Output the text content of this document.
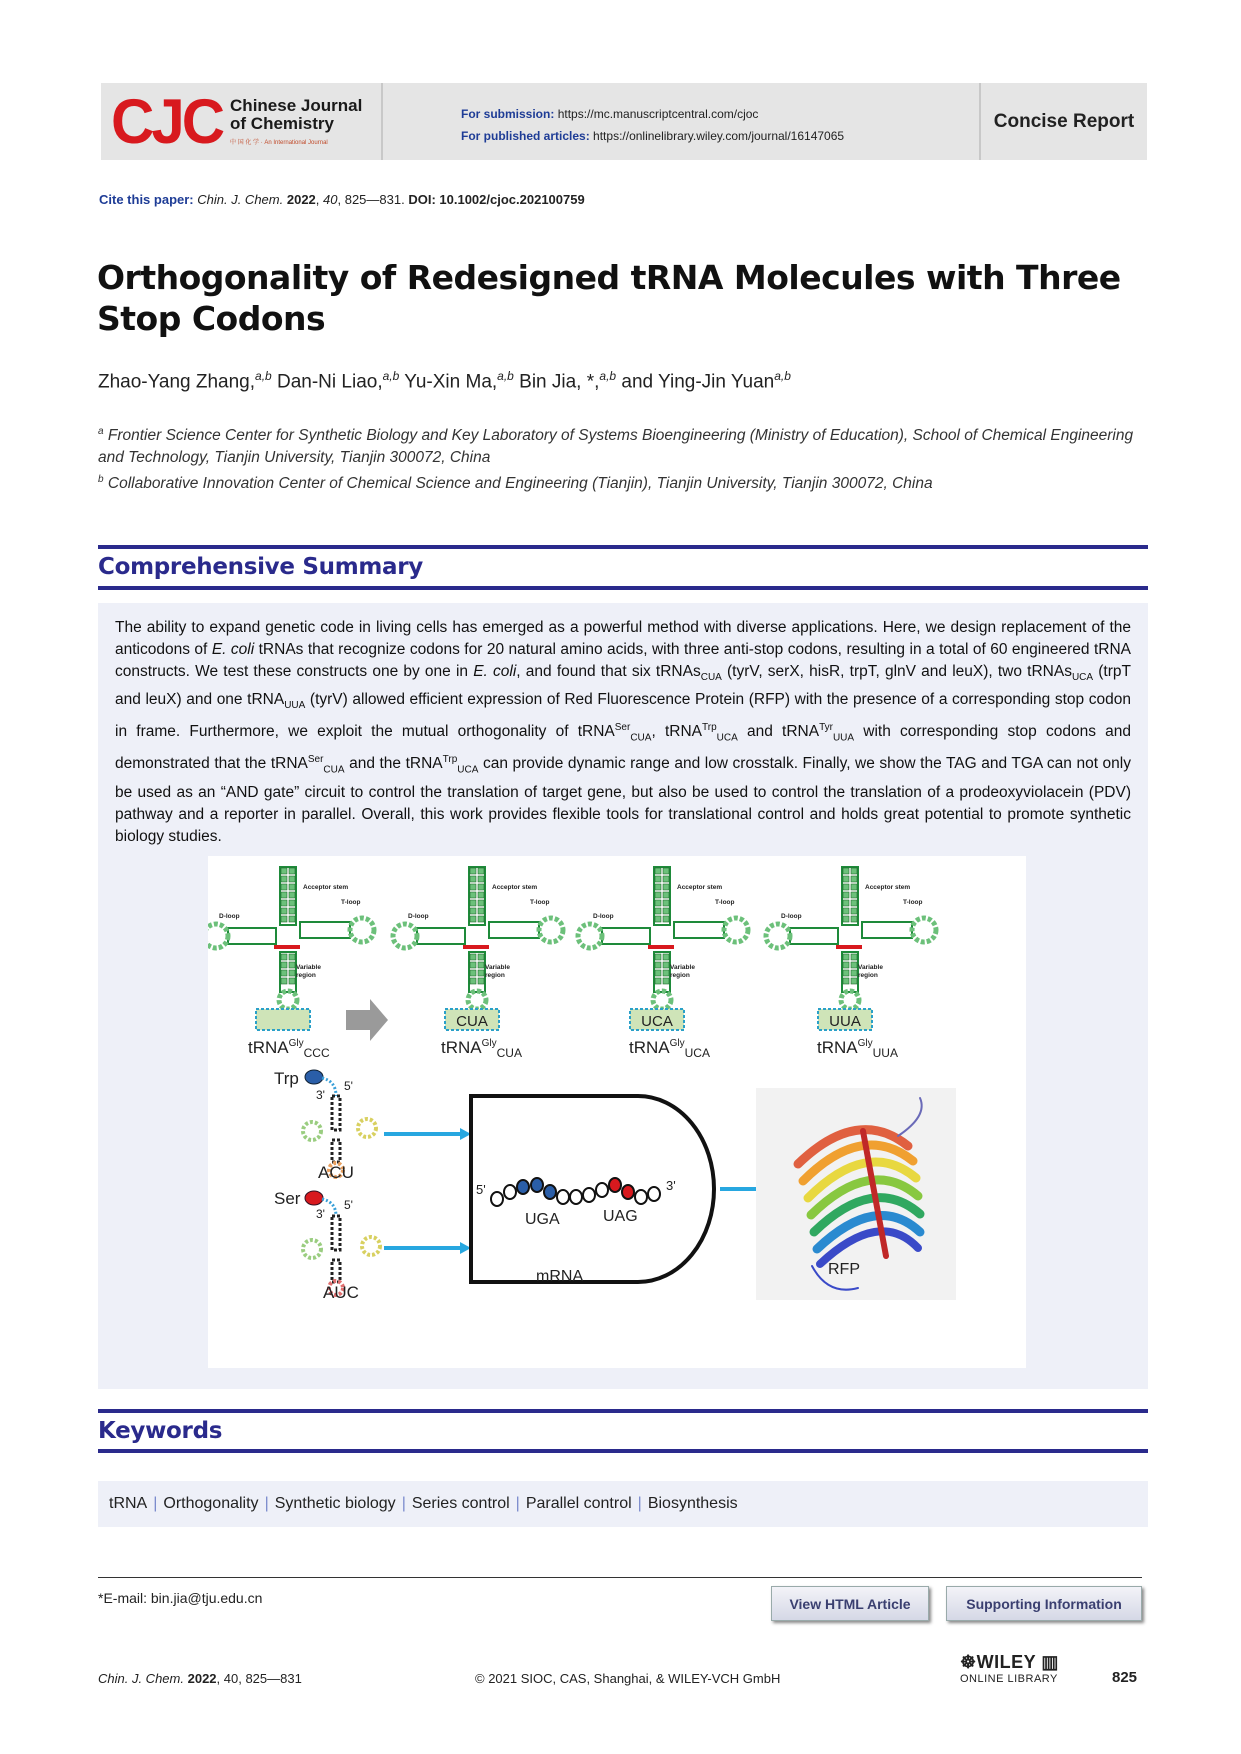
CJC Chinese Journal
of Chemistry
中 国 化 学 · An International Journal
For submission: https://mc.manuscriptcentral.com/cjoc
For published articles: https://onlinelibrary.wiley.com/journal/16147065
Concise Report
Cite this paper: Chin. J. Chem. 2022, 40, 825—831. DOI: 10.1002/cjoc.202100759
Orthogonality of Redesigned tRNA Molecules with Three Stop Codons
Zhao-Yang Zhang,$^{a,b}$ Dan-Ni Liao,$^{a,b}$ Yu-Xin Ma,$^{a,b}$ Bin Jia, *,$^{a,b}$ and Ying-Jin Yuan$^{a,b}$
$^a$ Frontier Science Center for Synthetic Biology and Key Laboratory of Systems Bioengineering (Ministry of Education), School of Chemical Engineering and Technology, Tianjin University, Tianjin 300072, China
$^b$ Collaborative Innovation Center of Chemical Science and Engineering (Tianjin), Tianjin University, Tianjin 300072, China
Comprehensive Summary

The ability to expand genetic code in living cells has emerged as a powerful method with diverse applications. Here, we design replacement of the anticodons of E. coli tRNAs that recognize codons for 20 natural amino acids, with three anti-stop codons, resulting in a total of 60 engineered tRNA constructs. We test these constructs one by one in E. coli, and found that six tRNAs$_{CUA}$ (tyrV, serX, hisR, trpT, glnV and leuX), two tRNAs$_{UCA}$ (trpT and leuX) and one tRNA$_{UUA}$ (tyrV) allowed efficient expression of Red Fluorescence Protein (RFP) with the presence of a corresponding stop codon in frame. Furthermore, we exploit the mutual orthogonality of tRNA$^{Ser}_{CUA}$, tRNA$^{Trp}_{UCA}$ and tRNA$^{Tyr}_{UUA}$ with corresponding stop codons and demonstrated that the tRNA$^{Ser}_{CUA}$ and the tRNA$^{Trp}_{UCA}$ can provide dynamic range and low crosstalk. Finally, we show the TAG and TGA can not only be used as an “AND gate” circuit to control the translation of target gene, but also be used to control the translation of a prodeoxyviolacein (PDV) pathway and a reporter in parallel. Overall, this work provides flexible tools for translational control and holds great potential to promote synthetic biology studies.

CUA	UCA	UUA
Acceptor stem
T-loop
D-loop
Variable
region
Acceptor stem
T-loop
D-loop
Variable
region
Acceptor stem
T-loop
D-loop
Variable
region
Acceptor stem
T-loop
D-loop
Variable
region
tRNA$^{Gly}_{CCC}$	tRNA$^{Gly}_{CUA}$	tRNA$^{Gly}_{UCA}$	tRNA$^{Gly}_{UUA}$
Trp
3'
5'
ACU
Ser
3'
5'
AUC
5'	3'
UGA	UAG
mRNA	RFP
Keywords
tRNA | Orthogonality | Synthetic biology | Series control | Parallel control | Biosynthesis
*E-mail: bin.jia@tju.edu.cn	View HTML Article	Supporting Information
Chin. J. Chem. 2022, 40, 825—831	© 2021 SIOC, CAS, Shanghai, & WILEY-VCH GmbH
☸WILEY ▥
ONLINE LIBRARY	825
